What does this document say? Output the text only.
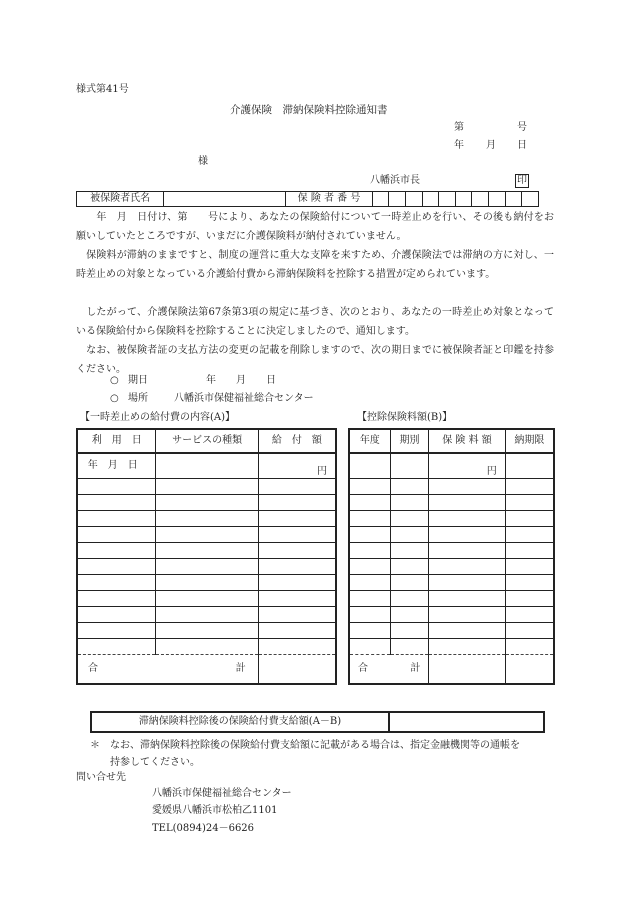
様式第41号
介護保険　滞納保険料控除通知書
第	号
年 月 日
様
八幡浜市長	印
被保険者氏名		保 険 者 番 号										
　　年　月　日付け、第　　号により、あなたの保険給付について一時差止めを行い、その後も納付をお願いしていたところですが、いまだに介護保険料が納付されていません。
　保険料が滞納のままですと、制度の運営に重大な支障を来すため、介護保険法では滞納の方に対し、一時差止めの対象となっている介護給付費から滞納保険料を控除する措置が定められています。
　したがって、介護保険法第67条第3項の規定に基づき、次のとおり、あなたの一時差止め対象となっている保険給付から保険料を控除することに決定しましたので、通知します。
　なお、被保険者証の支払方法の変更の記載を削除しますので、次の期日までに被保険者証と印鑑を持参ください。
○ 期日	年　　月　　日
○ 場所	八幡浜市保健福祉総合センター
【一時差止めの給付費の内容(A)】	【控除保険料額(B)】
利　用　日	サービスの種類	給　付　額
年　月　日		円

合 計		

年度	期別	保 険 料 額	納期限
		円	

合 計			

滞納保険料控除後の保険給付費支給額(A－B)	
＊ なお、滞納保険料控除後の保険給付費支給額に記載がある場合は、指定金融機関等の通帳を
持参してください。
問い合せ先
八幡浜市保健福祉総合センター
愛媛県八幡浜市松柏乙1101
TEL(0894)24－6626
